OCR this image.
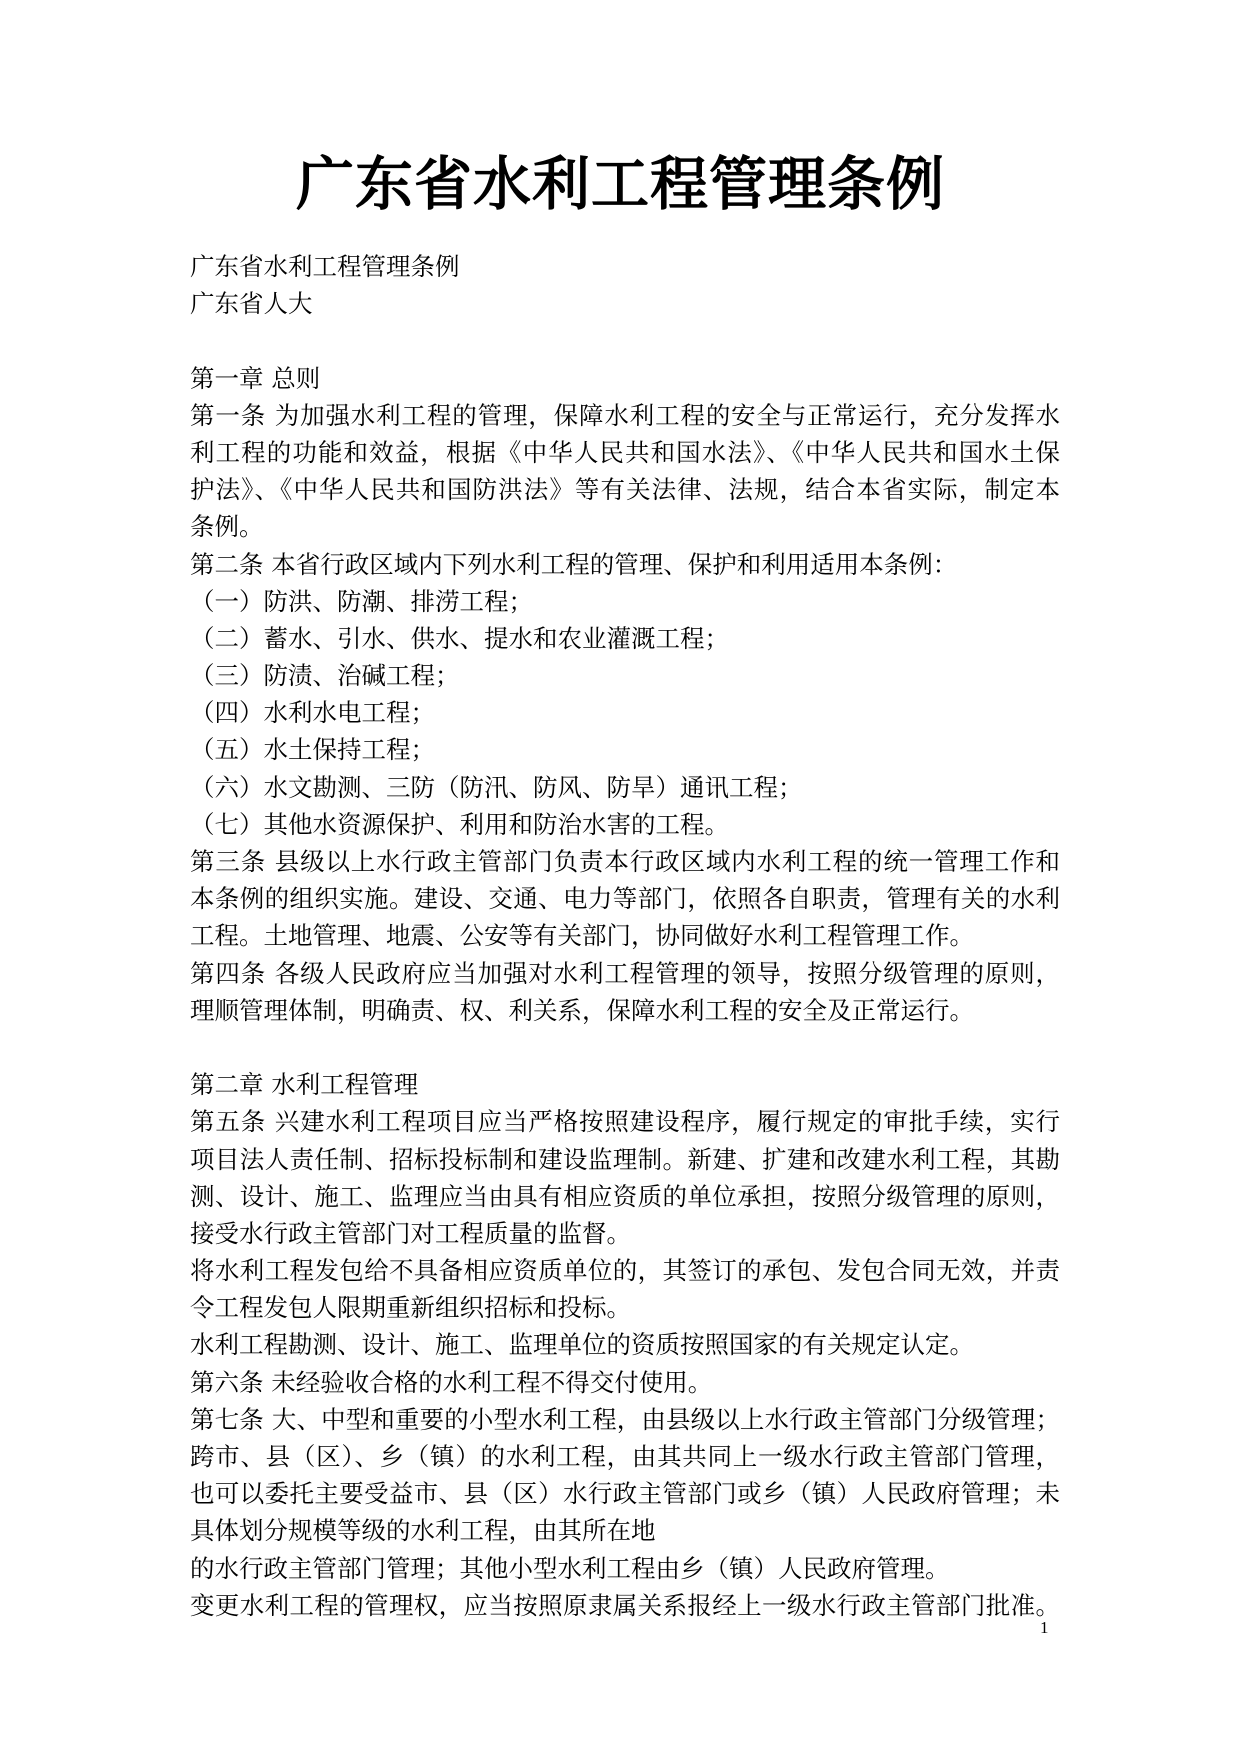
广东省水利工程管理条例
广东省水利工程管理条例
广东省人大
第一章 总则
第一条 为加强水利工程的管理，保障水利工程的安全与正常运行，充分发挥水
利工程的功能和效益，根据《中华人民共和国水法》、《中华人民共和国水土保
护法》、《中华人民共和国防洪法》等有关法律、法规，结合本省实际，制定本
条例。
第二条 本省行政区域内下列水利工程的管理、保护和利用适用本条例：
（一）防洪、防潮、排涝工程；
（二）蓄水、引水、供水、提水和农业灌溉工程；
（三）防渍、治碱工程；
（四）水利水电工程；
（五）水土保持工程；
（六）水文勘测、三防（防汛、防风、防旱）通讯工程；
（七）其他水资源保护、利用和防治水害的工程。
第三条 县级以上水行政主管部门负责本行政区域内水利工程的统一管理工作和
本条例的组织实施。建设、交通、电力等部门，依照各自职责，管理有关的水利
工程。土地管理、地震、公安等有关部门，协同做好水利工程管理工作。
第四条 各级人民政府应当加强对水利工程管理的领导，按照分级管理的原则，
理顺管理体制，明确责、权、利关系，保障水利工程的安全及正常运行。
第二章 水利工程管理
第五条 兴建水利工程项目应当严格按照建设程序，履行规定的审批手续，实行
项目法人责任制、招标投标制和建设监理制。新建、扩建和改建水利工程，其勘
测、设计、施工、监理应当由具有相应资质的单位承担，按照分级管理的原则，
接受水行政主管部门对工程质量的监督。
将水利工程发包给不具备相应资质单位的，其签订的承包、发包合同无效，并责
令工程发包人限期重新组织招标和投标。
水利工程勘测、设计、施工、监理单位的资质按照国家的有关规定认定。
第六条 未经验收合格的水利工程不得交付使用。
第七条 大、中型和重要的小型水利工程，由县级以上水行政主管部门分级管理；
跨市、县（区）、乡（镇）的水利工程，由其共同上一级水行政主管部门管理，
也可以委托主要受益市、县（区）水行政主管部门或乡（镇）人民政府管理；未
具体划分规模等级的水利工程，由其所在地
的水行政主管部门管理；其他小型水利工程由乡（镇）人民政府管理。
变更水利工程的管理权，应当按照原隶属关系报经上一级水行政主管部门批准。
1
